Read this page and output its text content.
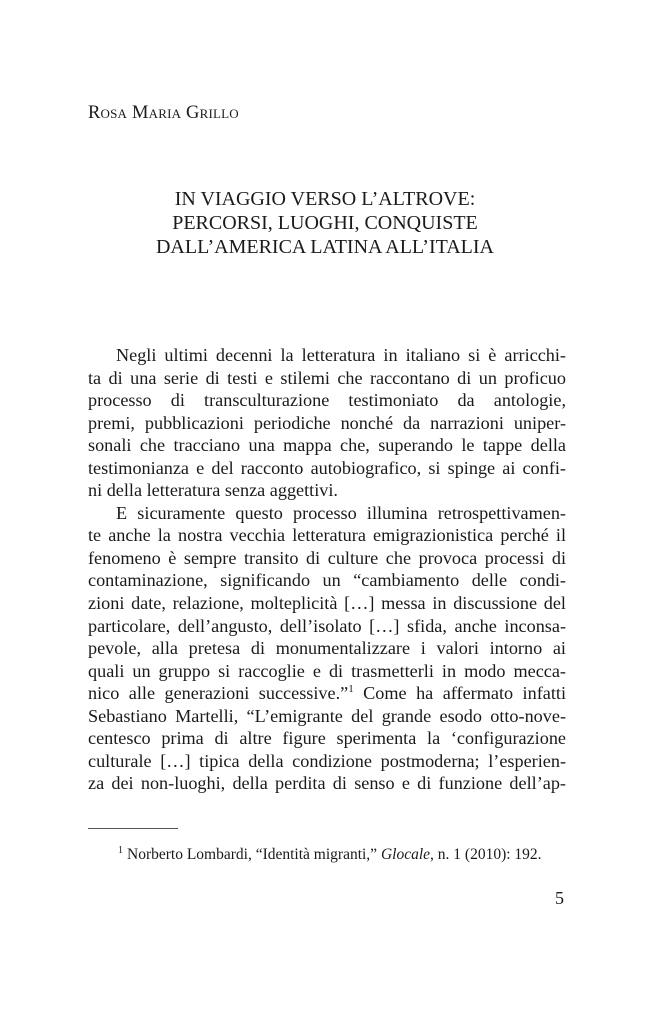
Rosa Maria Grillo
IN VIAGGIO VERSO L’ALTROVE:
PERCORSI, LUOGHI, CONQUISTE
DALL’AMERICA LATINA ALL’ITALIA
Negli ultimi decenni la letteratura in italiano si è arricchi-
ta di una serie di testi e stilemi che raccontano di un proficuo
processo di transculturazione testimoniato da antologie,
premi, pubblicazioni periodiche nonché da narrazioni uniper-
sonali che tracciano una mappa che, superando le tappe della
testimonianza e del racconto autobiografico, si spinge ai confi-
ni della letteratura senza aggettivi.
E sicuramente questo processo illumina retrospettivamen-
te anche la nostra vecchia letteratura emigrazionistica perché il
fenomeno è sempre transito di culture che provoca processi di
contaminazione, significando un “cambiamento delle condi-
zioni date, relazione, molteplicità […] messa in discussione del
particolare, dell’angusto, dell’isolato […] sfida, anche inconsa-
pevole, alla pretesa di monumentalizzare i valori intorno ai
quali un gruppo si raccoglie e di trasmetterli in modo mecca-
nico alle generazioni successive.”$^1$ Come ha affermato infatti
Sebastiano Martelli, “L’emigrante del grande esodo otto-nove-
centesco prima di altre figure sperimenta la ‘configurazione
culturale […] tipica della condizione postmoderna; l’esperien-
za dei non-luoghi, della perdita di senso e di funzione dell’ap-
$^1$ Norberto Lombardi, “Identità migranti,” Glocale, n. 1 (2010): 192.
5
